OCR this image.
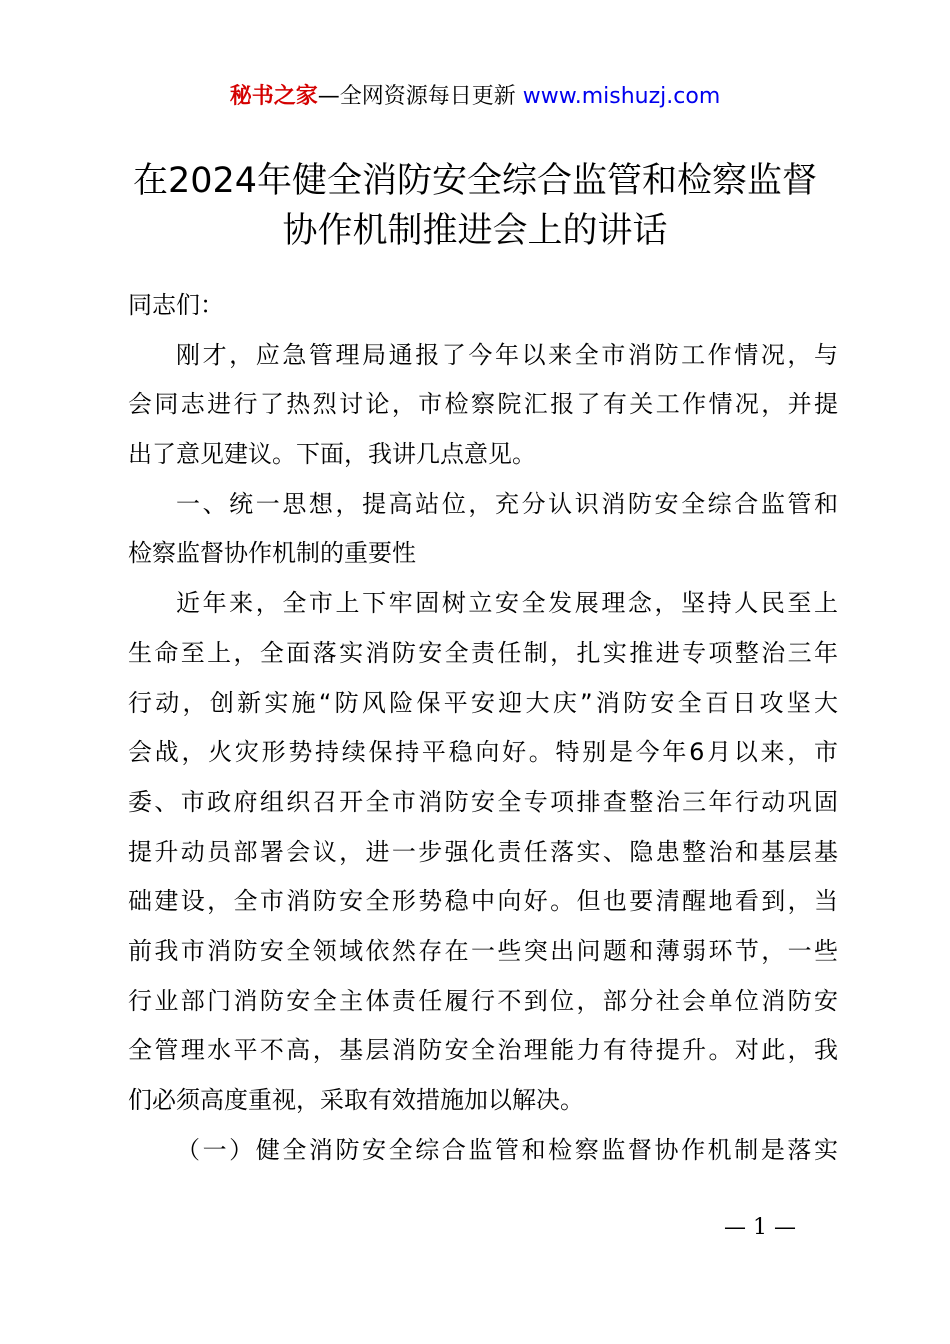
秘书之家—全网资源每日更新 www.mishuzj.com
在2024年健全消防安全综合监管和检察监督
协作机制推进会上的讲话
同志们：
刚才，应急管理局通报了今年以来全市消防工作情况，与
会同志进行了热烈讨论，市检察院汇报了有关工作情况，并提
出了意见建议。下面，我讲几点意见。
一、统一思想，提高站位，充分认识消防安全综合监管和
检察监督协作机制的重要性
近年来，全市上下牢固树立安全发展理念，坚持人民至上
生命至上，全面落实消防安全责任制，扎实推进专项整治三年
行动，创新实施“防风险保平安迎大庆”消防安全百日攻坚大
会战，火灾形势持续保持平稳向好。特别是今年6月以来，市
委、市政府组织召开全市消防安全专项排查整治三年行动巩固
提升动员部署会议，进一步强化责任落实、隐患整治和基层基
础建设，全市消防安全形势稳中向好。但也要清醒地看到，当
前我市消防安全领域依然存在一些突出问题和薄弱环节，一些
行业部门消防安全主体责任履行不到位，部分社会单位消防安
全管理水平不高，基层消防安全治理能力有待提升。对此，我
们必须高度重视，采取有效措施加以解决。
（一）健全消防安全综合监管和检察监督协作机制是落实
— 1 —
